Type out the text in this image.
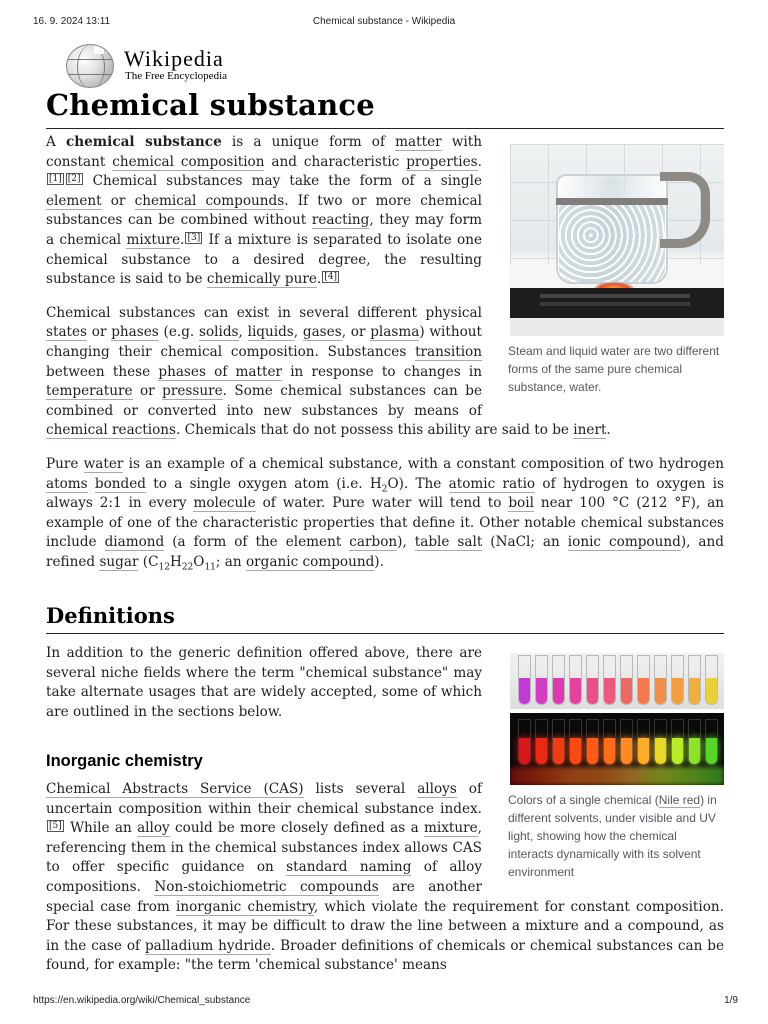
16. 9. 2024 13:11	Chemical substance - Wikipedia
Wikipedia
The Free Encyclopedia
Chemical substance
Steam and liquid water are two different forms of the same pure chemical substance, water.

A chemical substance is a unique form of matter with constant chemical composition and characteristic properties.[1] [2] Chemical substances may take the form of a single element or chemical compounds. If two or more chemical substances can be combined without reacting, they may form a chemical mixture. [3] If a mixture is separated to isolate one chemical substance to a desired degree, the resulting substance is said to be chemically pure. [4]

Chemical substances can exist in several different physical states or phases (e.g. solids, liquids, gases, or plasma) without changing their chemical composition. Substances transition between these phases of matter in response to changes in temperature or pressure. Some chemical substances can be combined or converted into new substances by means of chemical reactions. Chemicals that do not possess this ability are said to be inert.

Pure water is an example of a chemical substance, with a constant composition of two hydrogen atoms bonded to a single oxygen atom (i.e. $H_2O$). The atomic ratio of hydrogen to oxygen is always 2:1 in every molecule of water. Pure water will tend to boil near 100 °C (212 °F), an example of one of the characteristic properties that define it. Other notable chemical substances include diamond (a form of the element carbon), table salt (NaCl; an ionic compound), and refined sugar ($C_{12}H_{22}O_{11}$; an organic compound).

Definitions
Colors of a single chemical (Nile red) in different solvents, under visible and UV light, showing how the chemical interacts dynamically with its solvent environment

In addition to the generic definition offered above, there are several niche fields where the term "chemical substance" may take alternate usages that are widely accepted, some of which are outlined in the sections below.

Inorganic chemistry

Chemical Abstracts Service (CAS) lists several alloys of uncertain composition within their chemical substance index.[5] While an alloy could be more closely defined as a mixture, referencing them in the chemical substances index allows CAS to offer specific guidance on standard naming of alloy compositions. Non-stoichiometric compounds are another special case from inorganic chemistry, which violate the requirement for constant composition. For these substances, it may be difficult to draw the line between a mixture and a compound, as in the case of palladium hydride. Broader definitions of chemicals or chemical substances can be found, for example: "the term 'chemical substance' means

https://en.wikipedia.org/wiki/Chemical_substance	1/9
